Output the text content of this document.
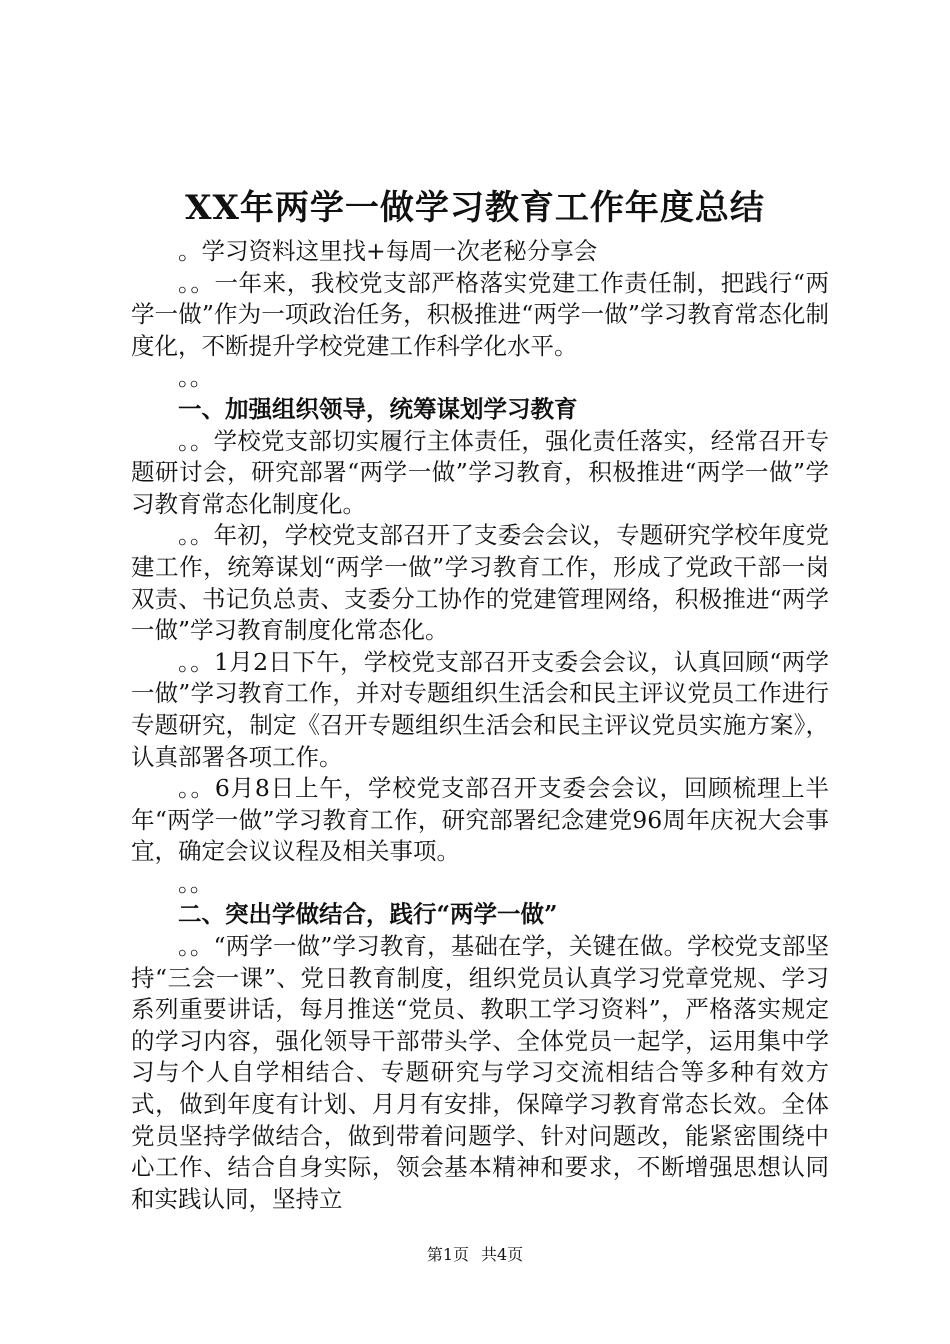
XX年两学一做学习教育工作年度总结

。学习资料这里找+每周一次老秘分享会

。。一年来，我校党支部严格落实党建工作责任制，把践行“两学一做”作为一项政治任务，积极推进“两学一做”学习教育常态化制度化，不断提升学校党建工作科学化水平。

。。

一、加强组织领导，统筹谋划学习教育

。。学校党支部切实履行主体责任，强化责任落实，经常召开专题研讨会，研究部署“两学一做”学习教育，积极推进“两学一做”学习教育常态化制度化。

。。年初，学校党支部召开了支委会会议，专题研究学校年度党建工作，统筹谋划“两学一做”学习教育工作，形成了党政干部一岗双责、书记负总责、支委分工协作的党建管理网络，积极推进“两学一做”学习教育制度化常态化。

。。1月2日下午，学校党支部召开支委会会议，认真回顾“两学一做”学习教育工作，并对专题组织生活会和民主评议党员工作进行专题研究，制定《召开专题组织生活会和民主评议党员实施方案》，认真部署各项工作。

。。6月8日上午，学校党支部召开支委会会议，回顾梳理上半年“两学一做”学习教育工作，研究部署纪念建党96周年庆祝大会事宜，确定会议议程及相关事项。

。。

二、突出学做结合，践行“两学一做”

。。“两学一做”学习教育，基础在学，关键在做。学校党支部坚持“三会一课”、党日教育制度，组织党员认真学习党章党规、学习系列重要讲话，每月推送“党员、教职工学习资料”，严格落实规定的学习内容，强化领导干部带头学、全体党员一起学，运用集中学习与个人自学相结合、专题研究与学习交流相结合等多种有效方式，做到年度有计划、月月有安排，保障学习教育常态长效。全体党员坚持学做结合，做到带着问题学、针对问题改，能紧密围绕中心工作、结合自身实际，领会基本精神和要求，不断增强思想认同和实践认同，坚持立

第1页 共4页
